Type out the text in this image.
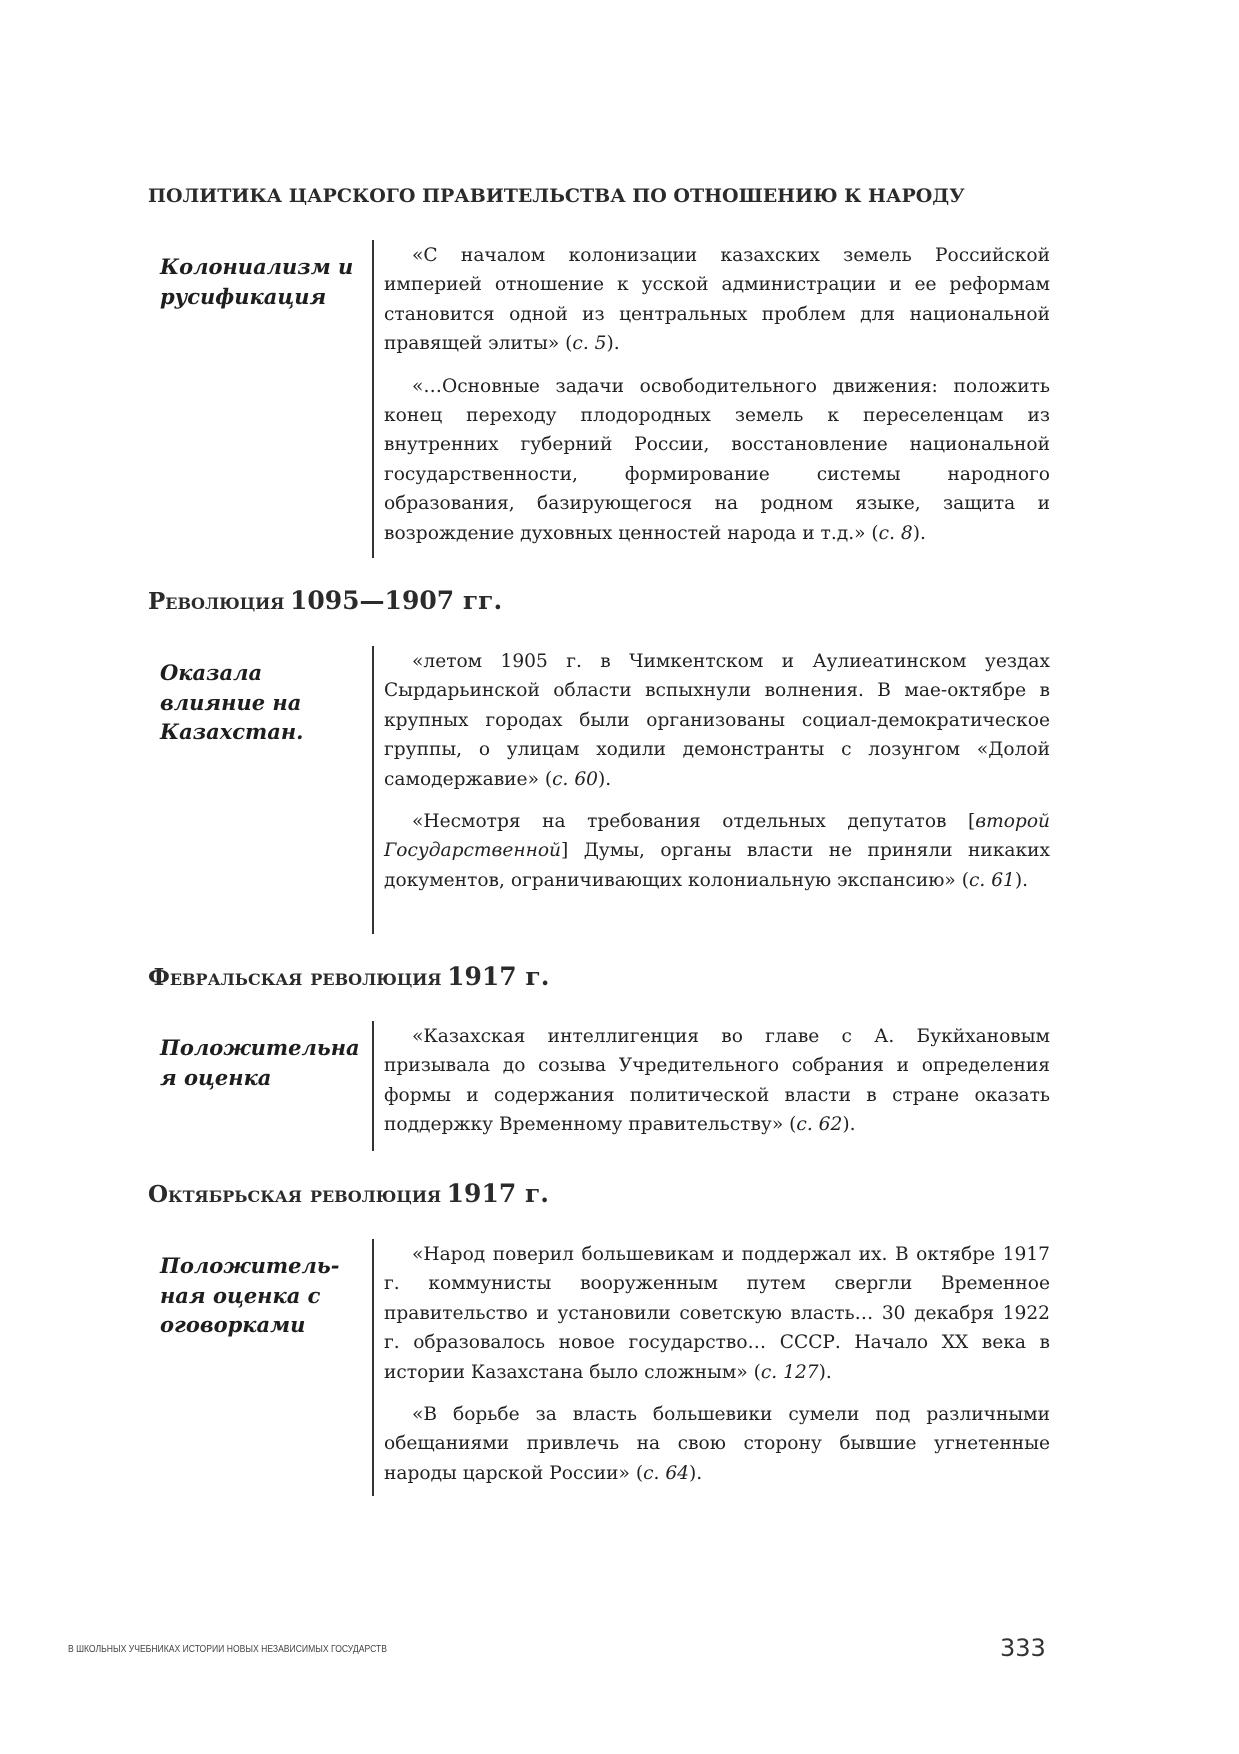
ПОЛИТИКА ЦАРСКОГО ПРАВИТЕЛЬСТВА ПО ОТНОШЕНИЮ К НАРОДУ
Колониализм и русификация

«С началом колонизации казахских земель Российской империей отношение к усской администрации и ее реформам становится одной из центральных проблем для национальной правящей элиты» (с. 5).

«…Основные задачи освободительного движения: положить конец переходу плодородных земель к переселенцам из внутренних губерний России, восстановление национальной государственности, формирование системы народного образования, базирующегося на родном языке, защита и возрождение духовных ценностей народа и т.д.» (с. 8).

Революция 1095—1907 гг.
Оказала влияние на Казахстан.

«летом 1905 г. в Чимкентском и Аулиеатинском уездах Сырдарьинской области вспыхнули волнения. В мае-октябре в крупных городах были организованы социал-демократическое группы, о улицам ходили демонстранты с лозунгом «Долой самодержавие» (с. 60).

«Несмотря на требования отдельных депутатов [второй Государственной] Думы, органы власти не приняли никаких документов, ограничивающих колониальную экспансию» (с. 61).

Февральская революция 1917 г.
Положительна я оценка

«Казахская интеллигенция во главе с А. Букйхановым призывала до созыва Учредительного собрания и определения формы и содержания политической власти в стране оказать поддержку Временному правительству» (с. 62).

Октябрьская революция 1917 г.
Положитель-ная оценка с оговорками

«Народ поверил большевикам и поддержал их. В октябре 1917 г. коммунисты вооруженным путем свергли Временное правительство и установили советскую власть… 30 декабря 1922 г. образовалось новое государство… СССР. Начало XX века в истории Казахстана было сложным» (с. 127).

«В борьбе за власть большевики сумели под различными обещаниями привлечь на свою сторону бывшие угнетенные народы царской России» (с. 64).

В ШКОЛЬНЫХ УЧЕБНИКАХ ИСТОРИИ НОВЫХ НЕЗАВИСИМЫХ ГОСУДАРСТВ	333
